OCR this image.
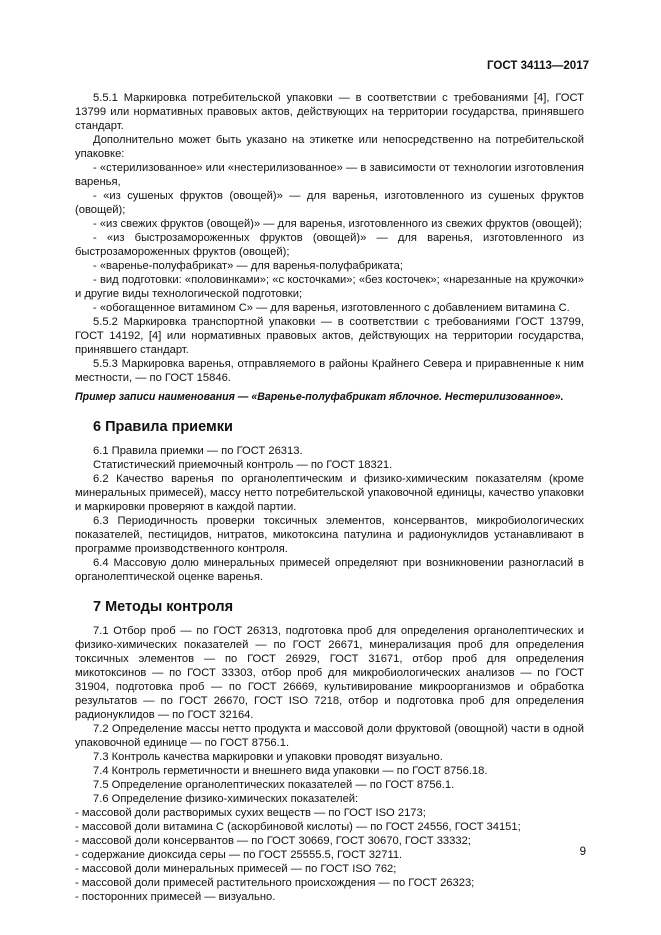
ГОСТ 34113—2017

5.5.1 Маркировка потребительской упаковки — в соответствии с требованиями [4], ГОСТ 13799 или нормативных правовых актов, действующих на территории государства, принявшего стандарт.

Дополнительно может быть указано на этикетке или непосредственно на потребительской упаковке:

- «стерилизованное» или «нестерилизованное» — в зависимости от технологии изготовления варенья,

- «из сушеных фруктов (овощей)» — для варенья, изготовленного из сушеных фруктов (овощей);

- «из свежих фруктов (овощей)» — для варенья, изготовленного из свежих фруктов (овощей);

- «из быстрозамороженных фруктов (овощей)» — для варенья, изготовленного из быстрозамороженных фруктов (овощей);

- «варенье-полуфабрикат» — для варенья-полуфабриката;

- вид подготовки: «половинками»; «с косточками»; «без косточек»; «нарезанные на кружочки» и другие виды технологической подготовки;

- «обогащенное витамином С» — для варенья, изготовленного с добавлением витамина С.

5.5.2 Маркировка транспортной упаковки — в соответствии с требованиями ГОСТ 13799, ГОСТ 14192, [4] или нормативных правовых актов, действующих на территории государства, принявшего стандарт.

5.5.3 Маркировка варенья, отправляемого в районы Крайнего Севера и приравненные к ним местности, — по ГОСТ 15846.

Пример записи наименования — «Варенье-полуфабрикат яблочное. Нестерилизованное».

6 Правила приемки

6.1 Правила приемки — по ГОСТ 26313.

Статистический приемочный контроль — по ГОСТ 18321.

6.2 Качество варенья по органолептическим и физико-химическим показателям (кроме минеральных примесей), массу нетто потребительской упаковочной единицы, качество упаковки и маркировки проверяют в каждой партии.

6.3 Периодичность проверки токсичных элементов, консервантов, микробиологических показателей, пестицидов, нитратов, микотоксина патулина и радионуклидов устанавливают в программе производственного контроля.

6.4 Массовую долю минеральных примесей определяют при возникновении разногласий в органолептической оценке варенья.

7 Методы контроля

7.1 Отбор проб — по ГОСТ 26313, подготовка проб для определения органолептических и физико-химических показателей — по ГОСТ 26671, минерализация проб для определения токсичных элементов — по ГОСТ 26929, ГОСТ 31671, отбор проб для определения микотоксинов — по ГОСТ 33303, отбор проб для микробиологических анализов — по ГОСТ 31904, подготовка проб — по ГОСТ 26669, культивирование микроорганизмов и обработка результатов — по ГОСТ 26670, ГОСТ ISO 7218, отбор и подготовка проб для определения радионуклидов — по ГОСТ 32164.

7.2 Определение массы нетто продукта и массовой доли фруктовой (овощной) части в одной упаковочной единице — по ГОСТ 8756.1.

7.3 Контроль качества маркировки и упаковки проводят визуально.

7.4 Контроль герметичности и внешнего вида упаковки — по ГОСТ 8756.18.

7.5 Определение органолептических показателей — по ГОСТ 8756.1.

7.6 Определение физико-химических показателей:

- массовой доли растворимых сухих веществ — по ГОСТ ISO 2173;

- массовой доли витамина С (аскорбиновой кислоты) — по ГОСТ 24556, ГОСТ 34151;

- массовой доли консервантов — по ГОСТ 30669, ГОСТ 30670, ГОСТ 33332;

- содержание диоксида серы — по ГОСТ 25555.5, ГОСТ 32711.

- массовой доли минеральных примесей — по ГОСТ ISO 762;

- массовой доли примесей растительного происхождения — по ГОСТ 26323;

- посторонних примесей — визуально.

9
